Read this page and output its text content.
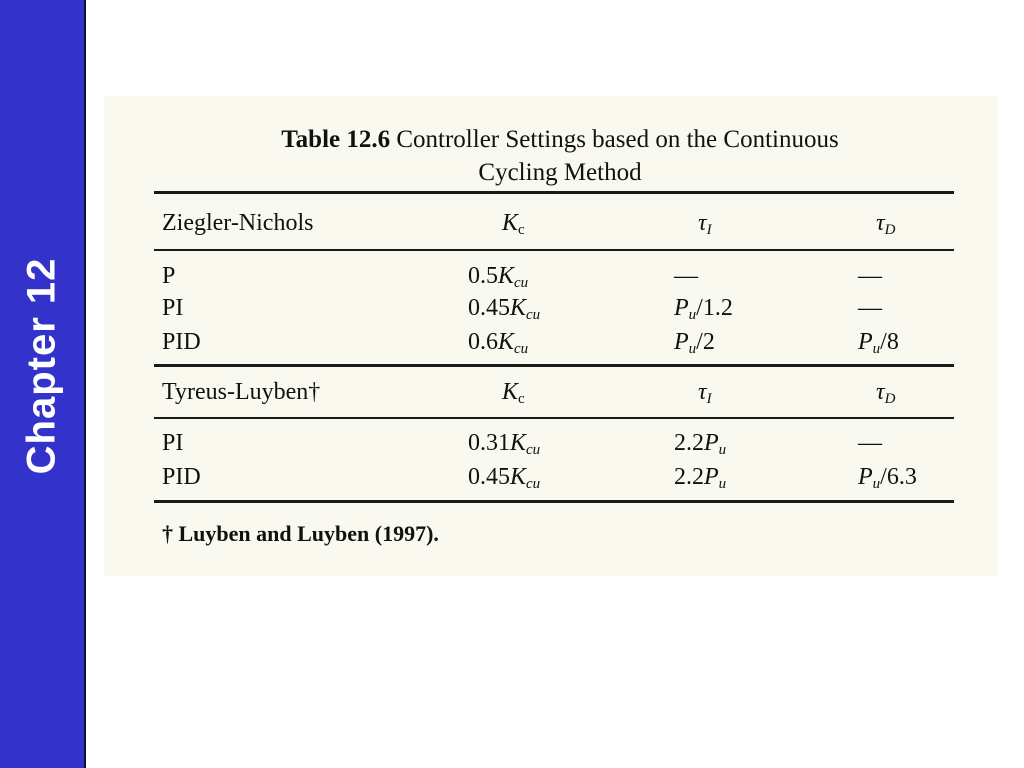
Chapter 12
Table 12.6 Controller Settings based on the Continuous
Cycling Method
Ziegler-Nichols	$K_c$	$\tau_I$	$\tau_D$
P	$0.5K_{cu}$	—	—
PI	$0.45K_{cu}$	$P_u/1.2$	—
PID	$0.6K_{cu}$	$P_u/2$	$P_u/8$
Tyreus-Luyben†	$K_c$	$\tau_I$	$\tau_D$
PI	$0.31K_{cu}$	$2.2P_u$	—
PID	$0.45K_{cu}$	$2.2P_u$	$P_u/6.3$
† Luyben and Luyben (1997).
